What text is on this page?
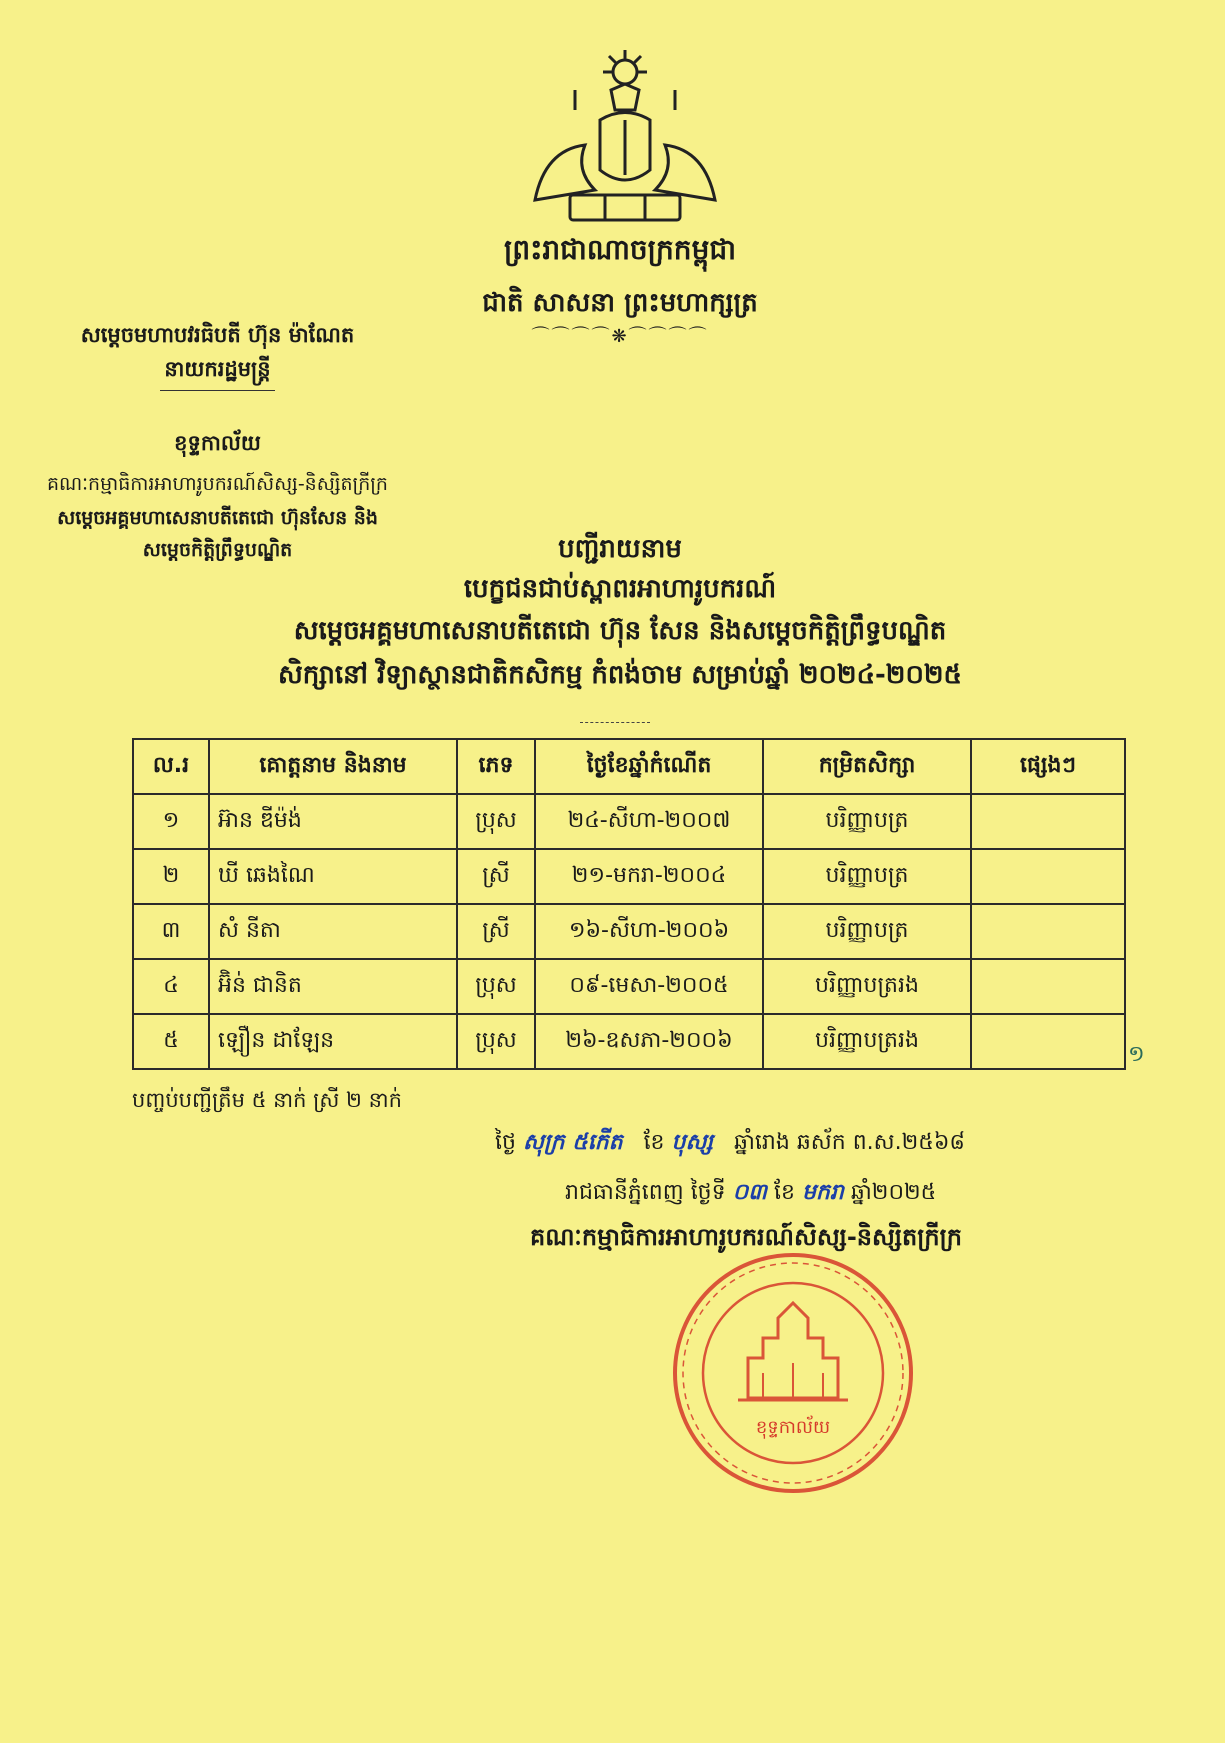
ព្រះរាជាណាចក្រកម្ពុជា
ជាតិ សាសនា ព្រះមហាក្សត្រ
⌒⌒⌒⌒❋⌒⌒⌒⌒
សម្តេចមហាបវរធិបតី ហ៊ុន ម៉ាណែត
នាយករដ្ឋមន្ត្រី
ខុទ្ទកាល័យ
គណៈកម្មាធិការអាហារូបករណ៍សិស្ស-និស្សិតក្រីក្រ
សម្តេចអគ្គមហាសេនាបតីតេជោ ហ៊ុនសែន និង
សម្តេចកិត្តិព្រឹទ្ធបណ្ឌិត	បញ្ជីរាយនាម
បេក្ខជនជាប់ស្ពាពរអាហារូបករណ៍
សម្តេចអគ្គមហាសេនាបតីតេជោ ហ៊ុន សែន និងសម្តេចកិត្តិព្រឹទ្ធបណ្ឌិត
សិក្សានៅ វិទ្យាស្ថានជាតិកសិកម្ម កំពង់ចាម សម្រាប់ឆ្នាំ ២០២៤-២០២៥
ល.រ	គោត្តនាម និងនាម	ភេទ	ថ្ងៃខែឆ្នាំកំណើត	កម្រិតសិក្សា	ផ្សេងៗ
១	អ៊ាន ឌីម៉ង់	ប្រុស	២៤-សីហា-២០០៧	បរិញ្ញាបត្រ	
២	ឃី ឆេងណៃ	ស្រី	២១-មករា-២០០៤	បរិញ្ញាបត្រ	
៣	សំ នីតា	ស្រី	១៦-សីហា-២០០៦	បរិញ្ញាបត្រ	
៤	អ៊ិន់ ជានិត	ប្រុស	០៩-មេសា-២០០៥	បរិញ្ញាបត្ររង	
៥	ឡឿន ដាឡែន	ប្រុស	២៦-ឧសភា-២០០៦	បរិញ្ញាបត្ររង	
១
បញ្ចប់បញ្ជីត្រឹម ៥ នាក់ ស្រី ២ នាក់
ថ្ងៃ សុក្រ ៥កើត ខែ បុស្ស ឆ្នាំរោង ឆស័ក ព.ស.២៥៦៨
រាជធានីភ្នំពេញ ថ្ងៃទី ០៣ ខែ មករា ឆ្នាំ២០២៥
គណៈកម្មាធិការអាហារូបករណ៍សិស្ស-និស្សិតក្រីក្រ
ខុទ្ទកាល័យ
